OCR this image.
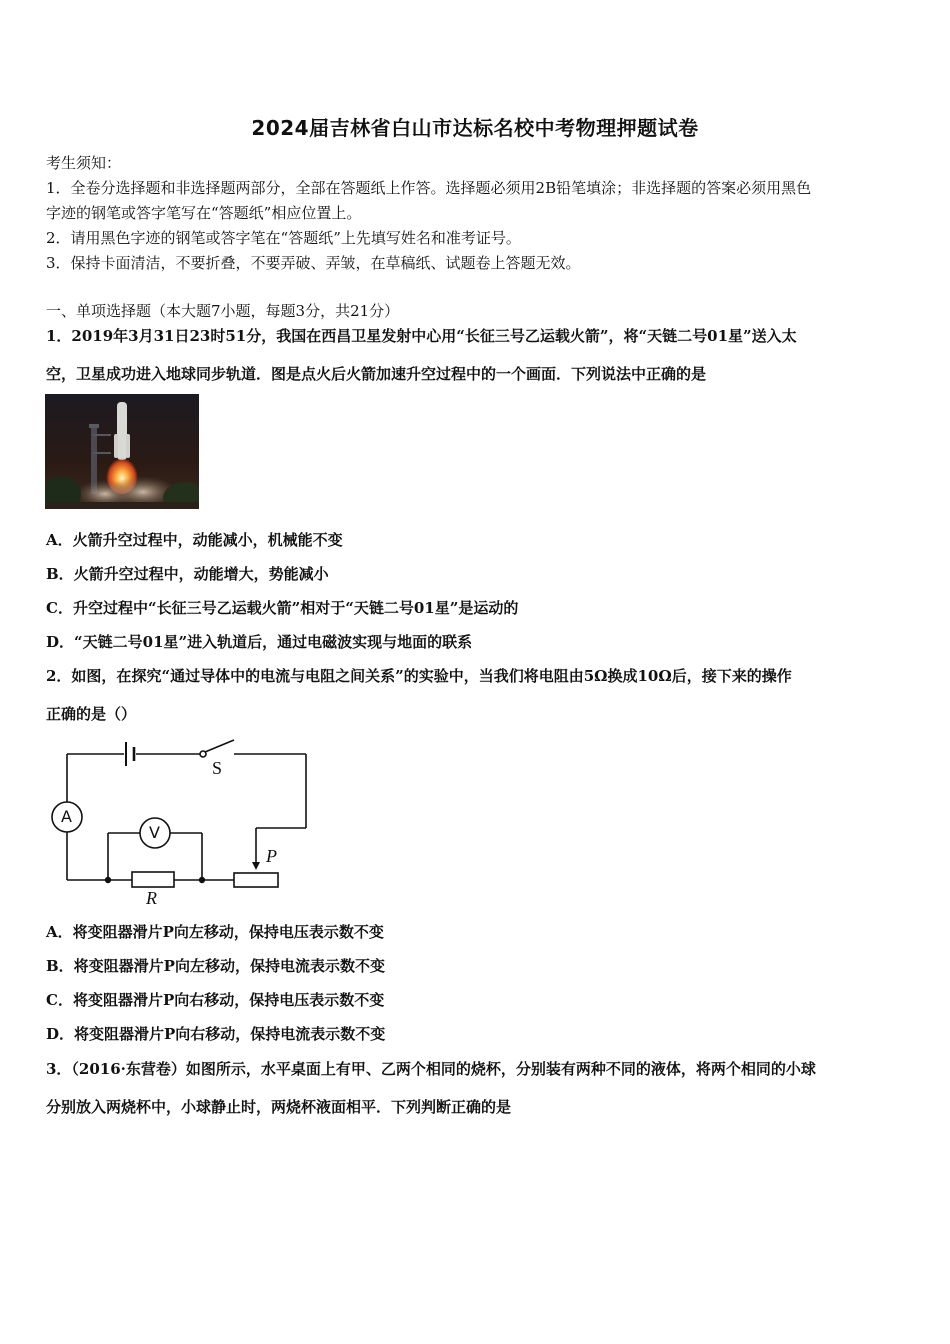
2024届吉林省白山市达标名校中考物理押题试卷
考生须知：
1．全卷分选择题和非选择题两部分，全部在答题纸上作答。选择题必须用2B铅笔填涂；非选择题的答案必须用黑色
字迹的钢笔或答字笔写在“答题纸”相应位置上。
2．请用黑色字迹的钢笔或答字笔在“答题纸”上先填写姓名和准考证号。
3．保持卡面清洁，不要折叠，不要弄破、弄皱，在草稿纸、试题卷上答题无效。
一、单项选择题（本大题7小题，每题3分，共21分）
1．2019年3月31日23时51分，我国在西昌卫星发射中心用“长征三号乙运载火箭”，将“天链二号01星”送入太
空，卫星成功进入地球同步轨道．图是点火后火箭加速升空过程中的一个画面．下列说法中正确的是
A．火箭升空过程中，动能减小，机械能不变
B．火箭升空过程中，动能增大，势能减小
C．升空过程中“长征三号乙运载火箭”相对于“天链二号01星”是运动的
D．“天链二号01星”进入轨道后，通过电磁波实现与地面的联系
2．如图，在探究“通过导体中的电流与电阻之间关系”的实验中，当我们将电阻由5Ω换成10Ω后，接下来的操作
正确的是（）
A
V
S
P
R
A．将变阻器滑片P向左移动，保持电压表示数不变
B．将变阻器滑片P向左移动，保持电流表示数不变
C．将变阻器滑片P向右移动，保持电压表示数不变
D．将变阻器滑片P向右移动，保持电流表示数不变
3．（2016·东营卷）如图所示，水平桌面上有甲、乙两个相同的烧杯，分别装有两种不同的液体，将两个相同的小球
分别放入两烧杯中，小球静止时，两烧杯液面相平．下列判断正确的是
